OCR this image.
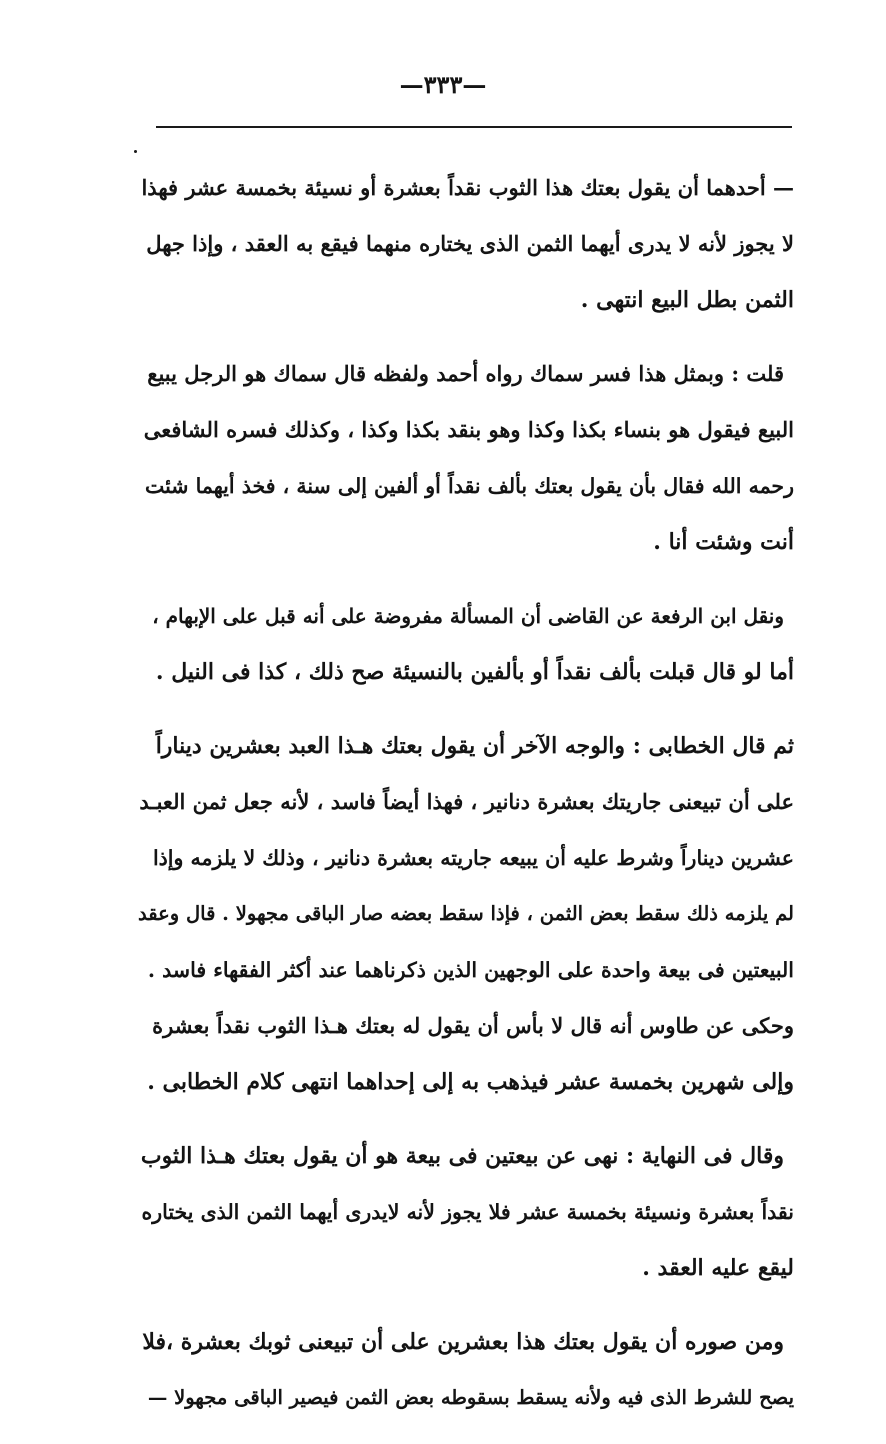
—٣٣٣—

— أحدهما أن يقول بعتك هذا الثوب نقداً بعشرة أو نسيئة بخمسة عشر فهذا
لا يجوز لأنه لا يدرى أيهما الثمن الذى يختاره منهما فيقع به العقد ، وإذا جهل
الثمن بطل البيع انتهى .

قلت : وبمثل هذا فسر سماك رواه أحمد ولفظه قال سماك هو الرجل يبيع
البيع فيقول هو بنساء بكذا وكذا وهو بنقد بكذا وكذا ، وكذلك فسره الشافعى
رحمه الله فقال بأن يقول بعتك بألف نقداً أو ألفين إلى سنة ، فخذ أيهما شئت
أنت وشئت أنا .

ونقل ابن الرفعة عن القاضى أن المسألة مفروضة على أنه قبل على الإبهام ،
أما لو قال قبلت بألف نقداً أو بألفين بالنسيئة صح ذلك ، كذا فى النيل .

ثم قال الخطابى : والوجه الآخر أن يقول بعتك هـذا العبد بعشرين ديناراً
على أن تبيعنى جاريتك بعشرة دنانير ، فهذا أيضاً فاسد ، لأنه جعل ثمن العبـد
عشرين ديناراً وشرط عليه أن يبيعه جاريته بعشرة دنانير ، وذلك لا يلزمه وإذا
لم يلزمه ذلك سقط بعض الثمن ، فإذا سقط بعضه صار الباقى مجهولا . قال وعقد
البيعتين فى بيعة واحدة على الوجهين الذين ذكرناهما عند أكثر الفقهاء فاسد .
وحكى عن طاوس أنه قال لا بأس أن يقول له بعتك هـذا الثوب نقداً بعشرة
وإلى شهرين بخمسة عشر فيذهب به إلى إحداهما انتهى كلام الخطابى .

وقال فى النهاية : نهى عن بيعتين فى بيعة هو أن يقول بعتك هـذا الثوب
نقداً بعشرة ونسيئة بخمسة عشر فلا يجوز لأنه لايدرى أيهما الثمن الذى يختاره
ليقع عليه العقد .

ومن صوره أن يقول بعتك هذا بعشرين على أن تبيعنى ثوبك بعشرة ،فلا
يصح للشرط الذى فيه ولأنه يسقط بسقوطه بعض الثمن فيصير الباقى مجهولا —
